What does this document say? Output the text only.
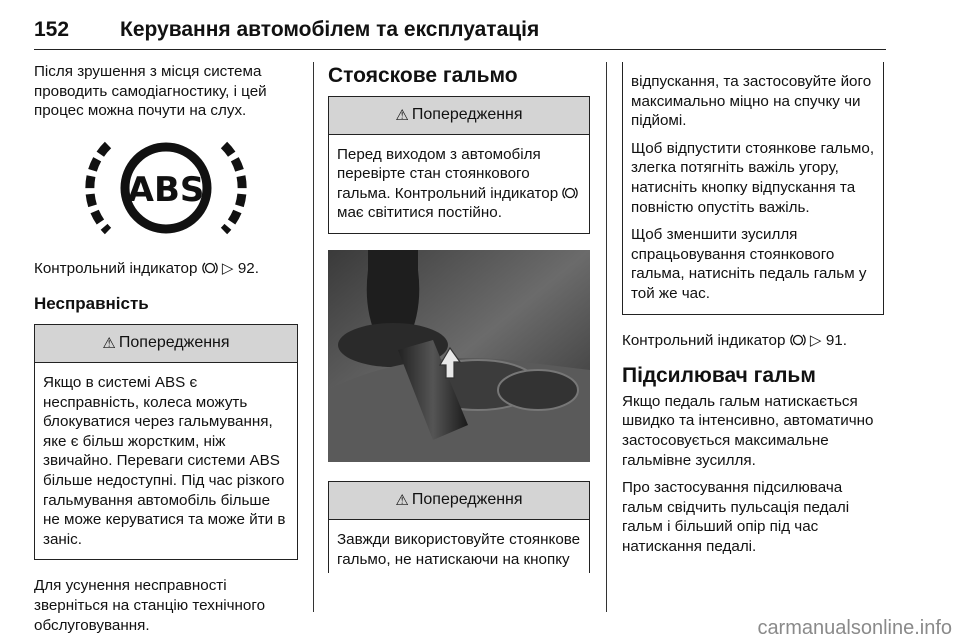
152 Керування автомобілем та експлуатація

Після зрушення з місця система проводить самодіагностику, і цей процес можна почути на слух.

ABS

Контрольний індикатор ▷ 92.

Несправність

⚠ Попередження

Якщо в системі ABS є несправність, колеса можуть блокуватися через гальмування, яке є більш жорстким, ніж звичайно. Переваги системи ABS більше недоступні. Під час різкого гальмування автомобіль більше не може керуватися та може йти в заніс.

Для усунення несправності зверніться на станцію технічного обслуговування.

Стояскове гальмо

⚠ Попередження

Перед виходом з автомобіля перевірте стан стоянкового гальма. Контрольний індикатор  має світитися постійно.

⚠ Попередження

Завжди використовуйте стоянкове гальмо, не натискаючи на кнопку

відпускання, та застосовуйте його максимально міцно на спучку чи підйомі.

Щоб відпустити стоянкове гальмо, злегка потягніть важіль угору, натисніть кнопку відпускання та повністю опустіть важіль.

Щоб зменшити зусилля спрацьовування стоянкового гальма, натисніть педаль гальм у той же час.

Контрольний індикатор ▷ 91.

Підсилювач гальм

Якщо педаль гальм натискається швидко та інтенсивно, автоматично застосовується максимальне гальмівне зусилля.

Про застосування підсилювача гальм свідчить пульсація педалі гальм і більший опір під час натискання педалі.

carmanualsonline.info
